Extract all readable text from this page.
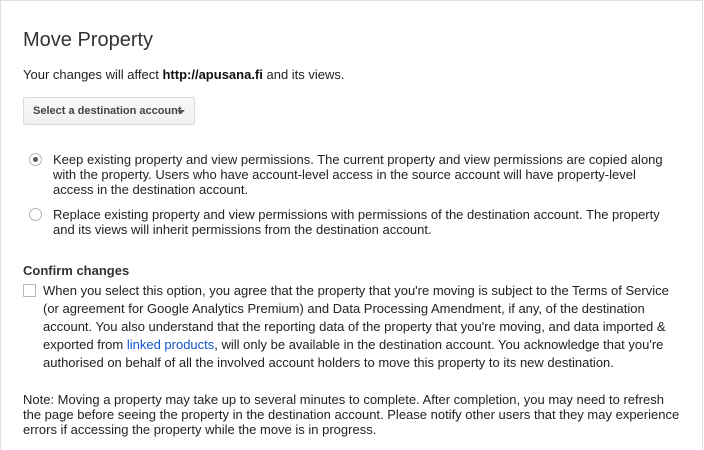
Move Property
Your changes will affect http://apusana.fi and its views.
Select a destination account
Keep existing property and view permissions. The current property and view permissions are copied along with the property. Users who have account-level access in the source account will have property-level access in the destination account.
Replace existing property and view permissions with permissions of the destination account. The property and its views will inherit permissions from the destination account.
Confirm changes
When you select this option, you agree that the property that you're moving is subject to the Terms of Service (or agreement for Google Analytics Premium) and Data Processing Amendment, if any, of the destination account. You also understand that the reporting data of the property that you're moving, and data imported & exported from linked products, will only be available in the destination account. You acknowledge that you're authorised on behalf of all the involved account holders to move this property to its new destination.
Note: Moving a property may take up to several minutes to complete. After completion, you may need to refresh the page before seeing the property in the destination account. Please notify other users that they may experience errors if accessing the property while the move is in progress.
